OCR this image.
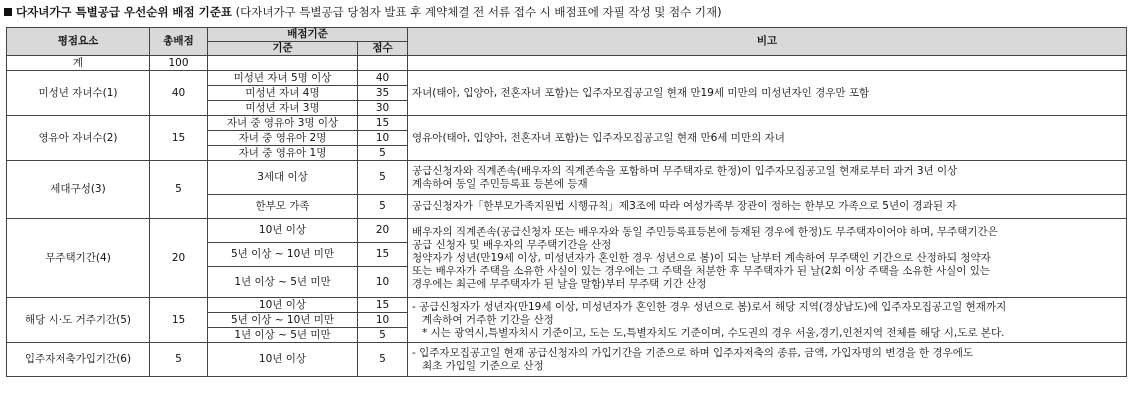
다자녀가구 특별공급 우선순위 배점 기준표 (다자녀가구 특별공급 당첨자 발표 후 계약체결 전 서류 접수 시 배점표에 자필 작성 및 점수 기재)
평점요소	총배점	배점기준		비고
		기준	점수	
계	100			
미성년 자녀수(1)	40	미성년 자녀 5명 이상	40	자녀(태아, 입양아, 전혼자녀 포함)는 입주자모집공고일 현재 만19세 미만의 미성년자인 경우만 포함
		미성년 자녀 4명	35	
		미성년 자녀 3명	30	
영유아 자녀수(2)	15	자녀 중 영유아 3명 이상	15	영유아(태아, 입양아, 전혼자녀 포함)는 입주자모집공고일 현재 만6세 미만의 자녀
		자녀 중 영유아 2명	10	
		자녀 중 영유아 1명	5	
세대구성(3)	5	3세대 이상	5	공급신청자와 직계존속(배우자의 직계존속을 포함하며 무주택자로 한정)이 입주자모집공고일 현재로부터 과거 3년 이상
계속하여 동일 주민등록표 등본에 등재

		한부모 가족	5	공급신청자가「한부모가족지원법 시행규칙」제3조에 따라 여성가족부 장관이 정하는 한부모 가족으로 5년이 경과된 자
무주택기간(4)	20	10년 이상	20	배우자의 직계존속(공급신청자 또는 배우자와 동일 주민등록표등본에 등재된 경우에 한정)도 무주택자이어야 하며, 무주택기간은
공급 신청자 및 배우자의 무주택기간을 산정
청약자가 성년(만19세 이상, 미성년자가 혼인한 경우 성년으로 봄)이 되는 날부터 계속하여 무주택인 기간으로 산정하되 청약자
또는 배우자가 주택을 소유한 사실이 있는 경우에는 그 주택을 처분한 후 무주택자가 된 날(2회 이상 주택을 소유한 사실이 있는
경우에는 최근에 무주택자가 된 날을 말함)부터 무주택 기간 산정

		5년 이상 ~ 10년 미만	15	
		1년 이상 ~ 5년 미만	10	
해당 시·도 거주기간(5)	15	10년 이상	15	- 공급신청자가 성년자(만19세 이상, 미성년자가 혼인한 경우 성년으로 봄)로서 해당 지역(경상남도)에 입주자모집공고일 현재까지
계속하여 거주한 기간을 산정
* 시는 광역시,특별자치시 기준이고, 도는 도,특별자치도 기준이며, 수도권의 경우 서울,경기,인천지역 전체를 해당 시,도로 본다.

		5년 이상 ~ 10년 미만	10	
		1년 이상 ~ 5년 미만	5	
입주자저축가입기간(6)	5	10년 이상	5	- 입주자모집공고일 현재 공급신청자의 가입기간을 기준으로 하며 입주자저축의 종류, 금액, 가입자명의 변경을 한 경우에도
최초 가입일 기준으로 산정
